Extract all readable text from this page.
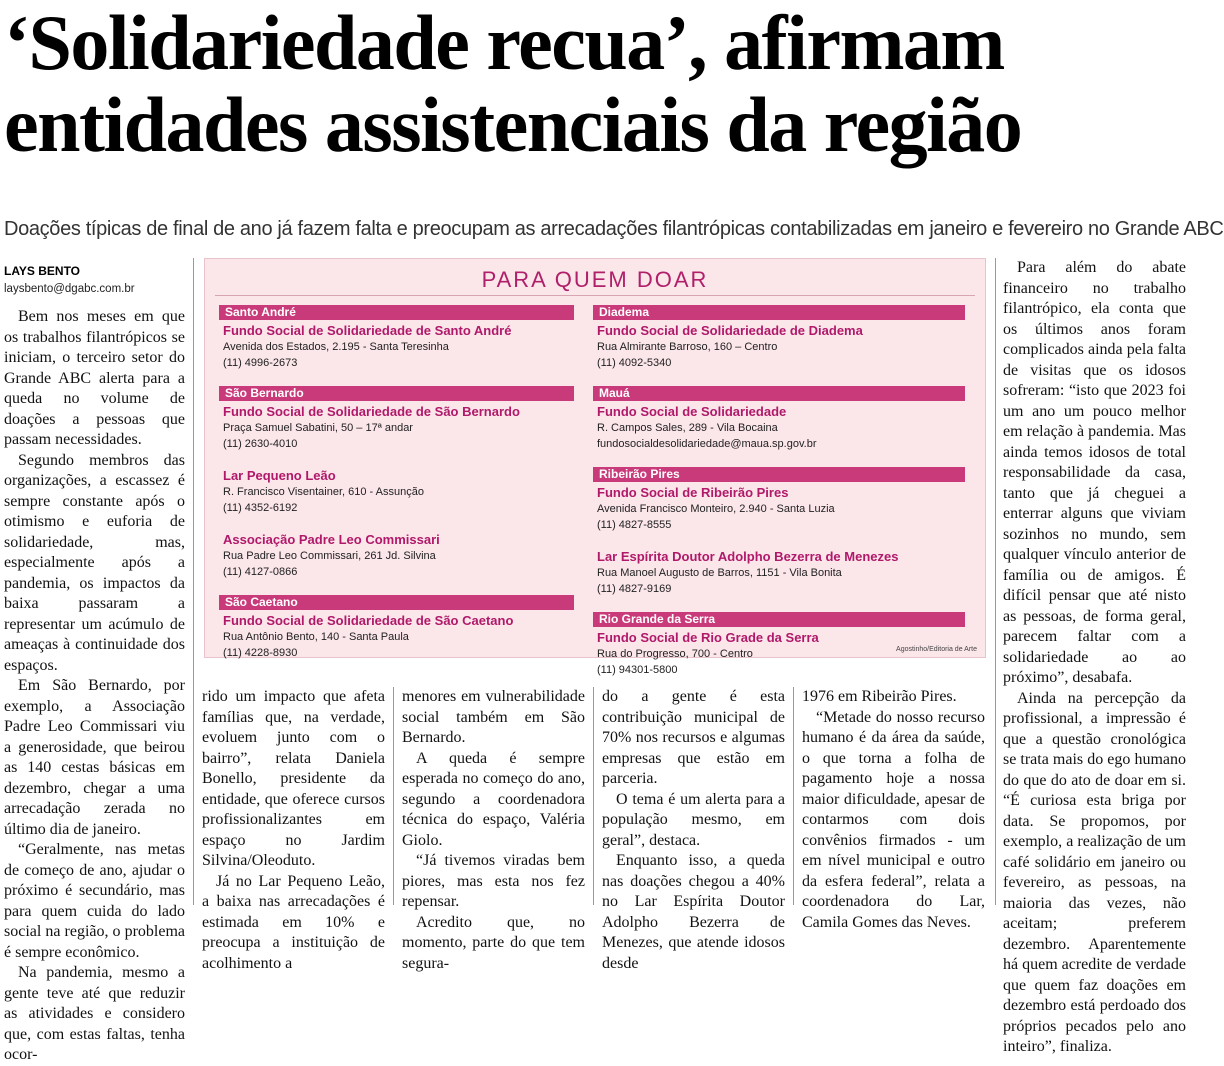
‘Solidariedade recua’, afirmam entidades assistenciais da região
Doações típicas de final de ano já fazem falta e preocupam as arrecadações filantrópicas contabilizadas em janeiro e fevereiro no Grande ABC
LAYS BENTO
laysbento@dgabc.com.br

Bem nos meses em que os trabalhos filantrópicos se iniciam, o terceiro setor do Grande ABC alerta para a queda no volume de doações a pessoas que passam necessidades.

Segundo membros das organizações, a escassez é sempre constante após o otimismo e euforia de solidariedade, mas, especialmente após a pandemia, os impactos da baixa passaram a representar um acúmulo de ameaças à continuidade dos espaços.

Em São Bernardo, por exemplo, a Associação Padre Leo Commissari viu a generosidade, que beirou as 140 cestas básicas em dezembro, chegar a uma arrecadação zerada no último dia de janeiro.

“Geralmente, nas metas de começo de ano, ajudar o próximo é secundário, mas para quem cuida do lado social na região, o problema é sempre econômico.

Na pandemia, mesmo a gente teve até que reduzir as atividades e considero que, com estas faltas, tenha ocor-

PARA QUEM DOAR
Santo André
Fundo Social de Solidariedade de Santo André
Avenida dos Estados, 2.195 - Santa Teresinha
(11) 4996-2673
São Bernardo
Fundo Social de Solidariedade de São Bernardo
Praça Samuel Sabatini, 50 – 17ª andar
(11) 2630-4010
Lar Pequeno Leão
R. Francisco Visentainer, 610 - Assunção
(11) 4352-6192
Associação Padre Leo Commissari
Rua Padre Leo Commissari, 261 Jd. Silvina
(11) 4127-0866
São Caetano
Fundo Social de Solidariedade de São Caetano
Rua Antônio Bento, 140 - Santa Paula
(11) 4228-8930
Diadema
Fundo Social de Solidariedade de Diadema
Rua Almirante Barroso, 160 – Centro
(11) 4092-5340
Mauá
Fundo Social de Solidariedade
R. Campos Sales, 289 - Vila Bocaina
fundosocialdesolidariedade@maua.sp.gov.br
Ribeirão Pires
Fundo Social de Ribeirão Pires
Avenida Francisco Monteiro, 2.940 - Santa Luzia
(11) 4827-8555
Lar Espírita Doutor Adolpho Bezerra de Menezes
Rua Manoel Augusto de Barros, 1151 - Vila Bonita
(11) 4827-9169
Rio Grande da Serra
Fundo Social de Rio Grade da Serra
Rua do Progresso, 700 - Centro
(11) 94301-5800
Agostinho/Editoria de Arte

rido um impacto que afeta famílias que, na verdade, evoluem junto com o bairro”, relata Daniela Bonello, presidente da entidade, que oferece cursos profissionalizantes em espaço no Jardim Silvina/Oleoduto.

Já no Lar Pequeno Leão, a baixa nas arrecadações é estimada em 10% e preocupa a instituição de acolhimento a

menores em vulnerabilidade social também em São Bernardo.

A queda é sempre esperada no começo do ano, segundo a coordenadora técnica do espaço, Valéria Giolo.

“Já tivemos viradas bem piores, mas esta nos fez repensar.

Acredito que, no momento, parte do que tem segura-

do a gente é esta contribuição municipal de 70% nos recursos e algumas empresas que estão em parceria.

O tema é um alerta para a população mesmo, em geral”, destaca.

Enquanto isso, a queda nas doações chegou a 40% no Lar Espírita Doutor Adolpho Bezerra de Menezes, que atende idosos desde

1976 em Ribeirão Pires.

“Metade do nosso recurso humano é da área da saúde, o que torna a folha de pagamento hoje a nossa maior dificuldade, apesar de contarmos com dois convênios firmados - um em nível municipal e outro da esfera federal”, relata a coordenadora do Lar, Camila Gomes das Neves.

Para além do abate financeiro no trabalho filantrópico, ela conta que os últimos anos foram complicados ainda pela falta de visitas que os idosos sofreram: “isto que 2023 foi um ano um pouco melhor em relação à pandemia. Mas ainda temos idosos de total responsabilidade da casa, tanto que já cheguei a enterrar alguns que viviam sozinhos no mundo, sem qualquer vínculo anterior de família ou de amigos. É difícil pensar que até nisto as pessoas, de forma geral, parecem faltar com a solidariedade ao ao próximo”, desabafa.

Ainda na percepção da profissional, a impressão é que a questão cronológica se trata mais do ego humano do que do ato de doar em si. “É curiosa esta briga por data. Se propomos, por exemplo, a realização de um café solidário em janeiro ou fevereiro, as pessoas, na maioria das vezes, não aceitam; preferem dezembro. Aparentemente há quem acredite de verdade que quem faz doações em dezembro está perdoado dos próprios pecados pelo ano inteiro”, finaliza.
